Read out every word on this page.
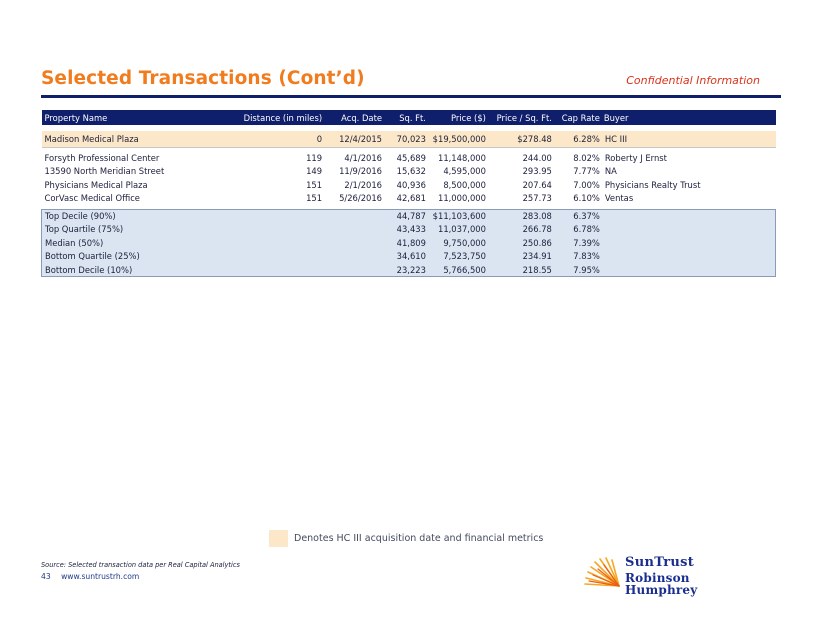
Selected Transactions (Cont’d)	Confidential Information
Property Name	Distance (in miles)	Acq. Date	Sq. Ft.	Price ($)	Price / Sq. Ft.	Cap Rate	Buyer

Madison Medical Plaza	0	12/4/2015	70,023	$19,500,000	$278.48	6.28%	HC III

Forsyth Professional Center	119	4/1/2016	45,689	11,148,000	244.00	8.02%	Roberty J Ernst
13590 North Meridian Street	149	11/9/2016	15,632	4,595,000	293.95	7.77%	NA
Physicians Medical Plaza	151	2/1/2016	40,936	8,500,000	207.64	7.00%	Physicians Realty Trust
CorVasc Medical Office	151	5/26/2016	42,681	11,000,000	257.73	6.10%	Ventas

Top Decile (90%)			44,787	$11,103,600	283.08	6.37%	
Top Quartile (75%)			43,433	11,037,000	266.78	6.78%	
Median (50%)			41,809	9,750,000	250.86	7.39%	
Bottom Quartile (25%)			34,610	7,523,750	234.91	7.83%	
Bottom Decile (10%)			23,223	5,766,500	218.55	7.95%	
Denotes HC III acquisition date and financial metrics
Source: Selected transaction data per Real Capital Analytics
43 www.suntrustrh.com
SunTrust
Robinson Humphrey
